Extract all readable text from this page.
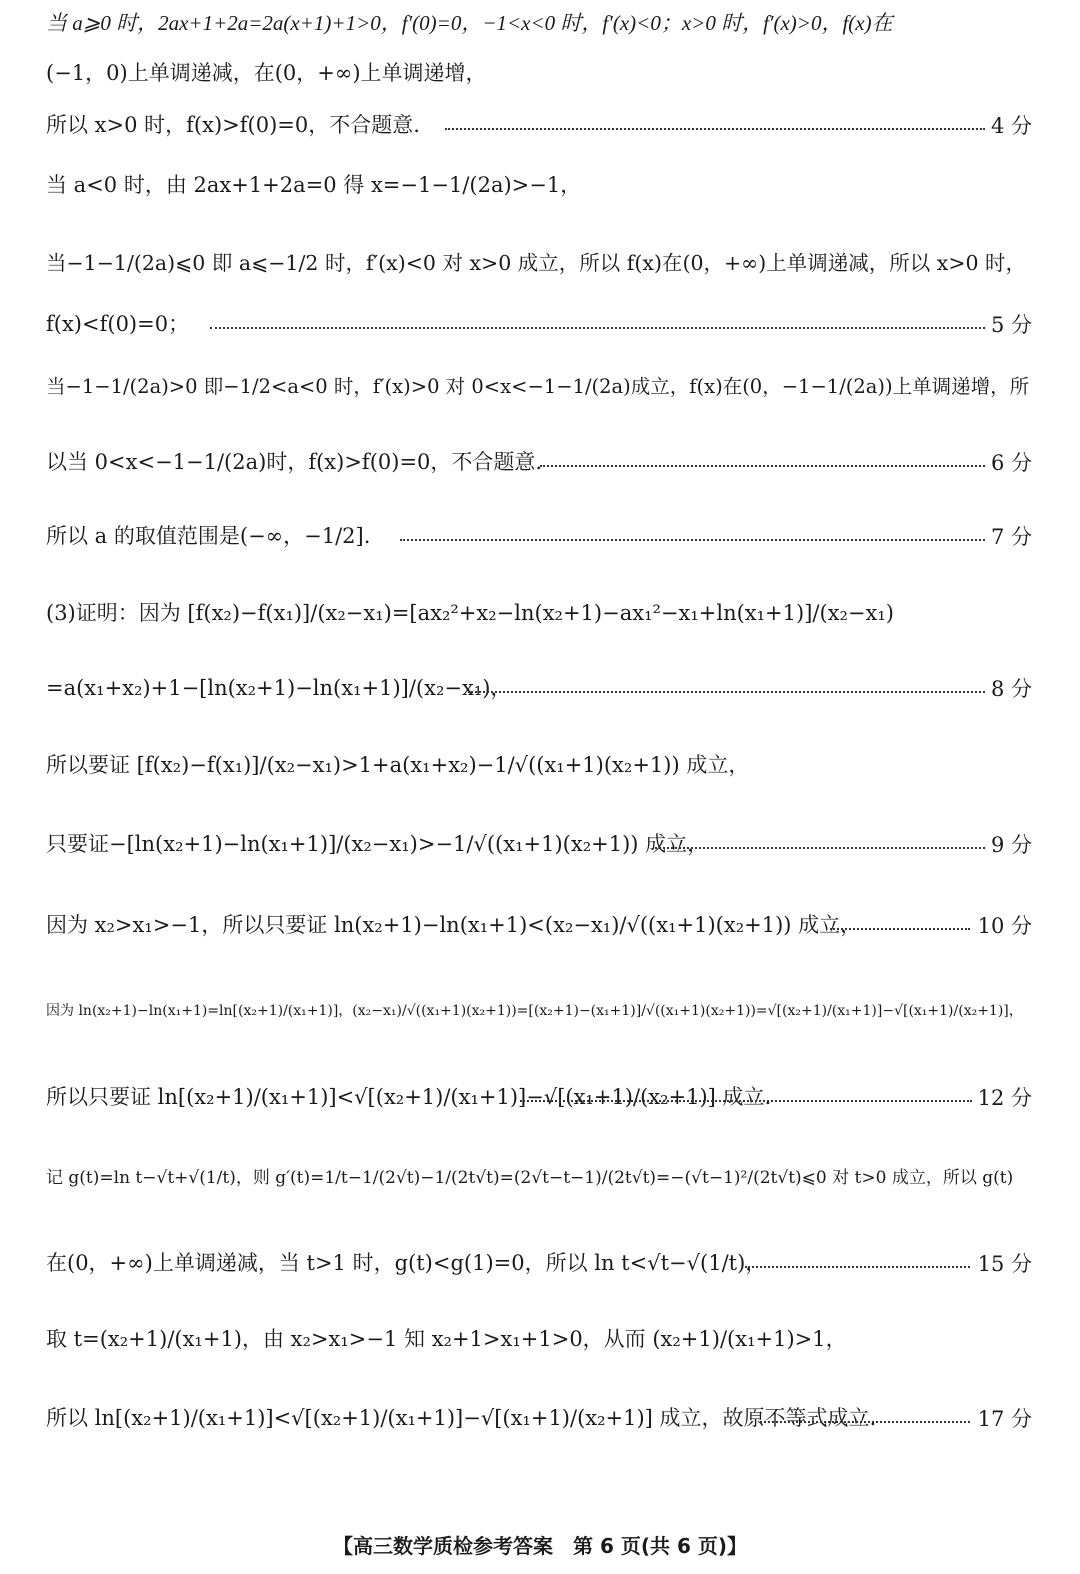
当 a⩾0 时，2ax+1+2a=2a(x+1)+1>0，f′(0)=0，−1<x<0 时，f′(x)<0；x>0 时，f′(x)>0，f(x)在
(−1，0)上单调递减，在(0，+∞)上单调递增，
所以 x>0 时，f(x)>f(0)=0，不合题意.	4 分
当 a<0 时，由 2ax+1+2a=0 得 x=−1−1/(2a)>−1，
当−1−1/(2a)⩽0 即 a⩽−1/2 时，f′(x)<0 对 x>0 成立，所以 f(x)在(0，+∞)上单调递减，所以 x>0 时，
f(x)<f(0)=0；	5 分
当−1−1/(2a)>0 即−1/2<a<0 时，f′(x)>0 对 0<x<−1−1/(2a)成立，f(x)在(0，−1−1/(2a))上单调递增，所
以当 0<x<−1−1/(2a)时，f(x)>f(0)=0，不合题意.	6 分
所以 a 的取值范围是(−∞，−1/2].	7 分
(3)证明：因为 [f(x₂)−f(x₁)]/(x₂−x₁)=[ax₂²+x₂−ln(x₂+1)−ax₁²−x₁+ln(x₁+1)]/(x₂−x₁)
=a(x₁+x₂)+1−[ln(x₂+1)−ln(x₁+1)]/(x₂−x₁)，	8 分
所以要证 [f(x₂)−f(x₁)]/(x₂−x₁)>1+a(x₁+x₂)−1/√((x₁+1)(x₂+1)) 成立，
只要证−[ln(x₂+1)−ln(x₁+1)]/(x₂−x₁)>−1/√((x₁+1)(x₂+1)) 成立，	9 分
因为 x₂>x₁>−1，所以只要证 ln(x₂+1)−ln(x₁+1)<(x₂−x₁)/√((x₁+1)(x₂+1)) 成立，	10 分
因为 ln(x₂+1)−ln(x₁+1)=ln[(x₂+1)/(x₁+1)]，(x₂−x₁)/√((x₁+1)(x₂+1))=[(x₂+1)−(x₁+1)]/√((x₁+1)(x₂+1))=√[(x₂+1)/(x₁+1)]−√[(x₁+1)/(x₂+1)]，
所以只要证 ln[(x₂+1)/(x₁+1)]<√[(x₂+1)/(x₁+1)]−√[(x₁+1)/(x₂+1)] 成立.	12 分
记 g(t)=ln t−√t+√(1/t)，则 g′(t)=1/t−1/(2√t)−1/(2t√t)=(2√t−t−1)/(2t√t)=−(√t−1)²/(2t√t)⩽0 对 t>0 成立，所以 g(t)
在(0，+∞)上单调递减，当 t>1 时，g(t)<g(1)=0，所以 ln t<√t−√(1/t)，	15 分
取 t=(x₂+1)/(x₁+1)，由 x₂>x₁>−1 知 x₂+1>x₁+1>0，从而 (x₂+1)/(x₁+1)>1，
所以 ln[(x₂+1)/(x₁+1)]<√[(x₂+1)/(x₁+1)]−√[(x₁+1)/(x₂+1)] 成立，故原不等式成立.	17 分
【高三数学质检参考答案　第 6 页(共 6 页)】
